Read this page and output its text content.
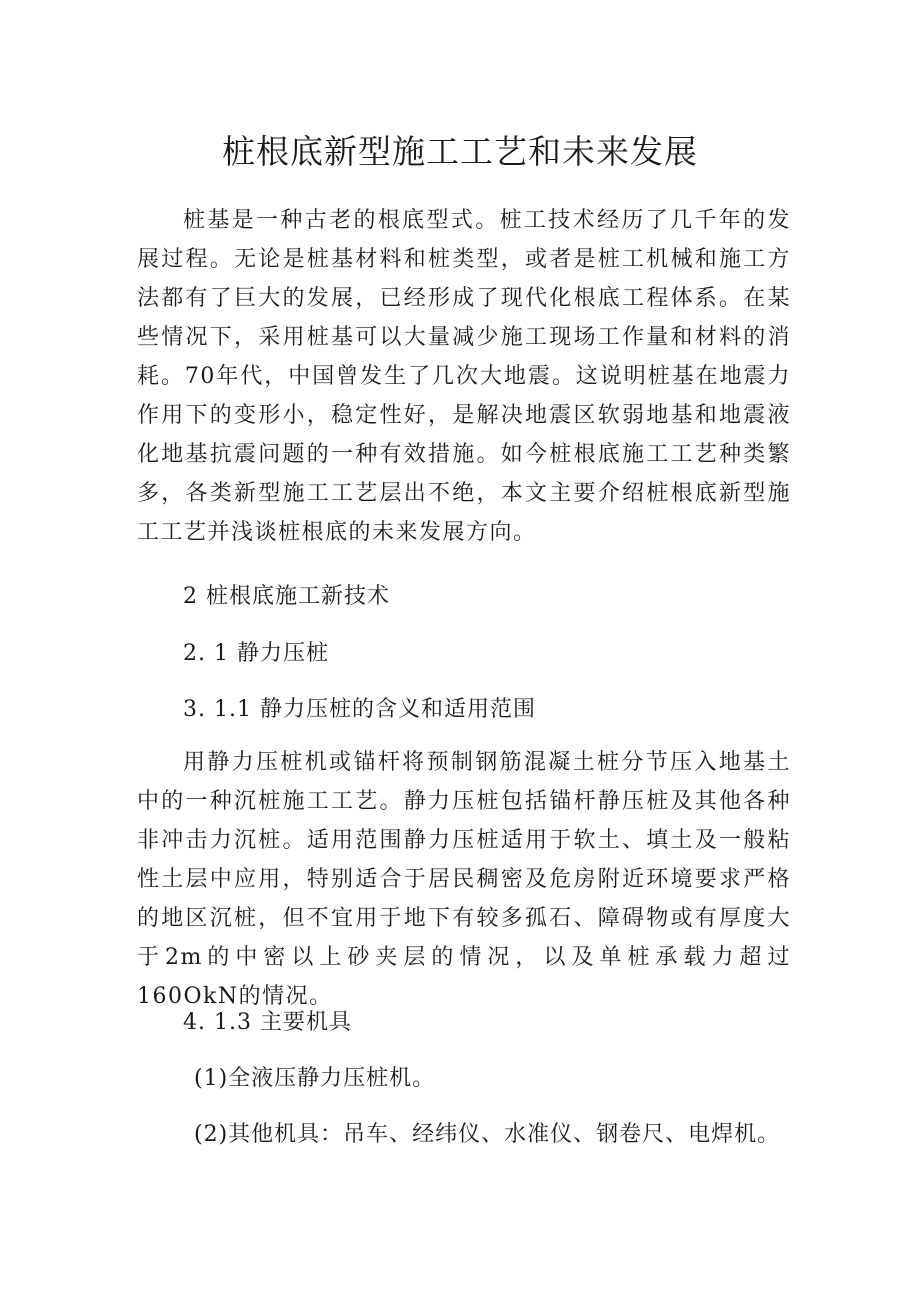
桩根底新型施工工艺和未来发展

桩基是一种古老的根底型式。桩工技术经历了几千年的发展过程。无论是桩基材料和桩类型，或者是桩工机械和施工方法都有了巨大的发展，已经形成了现代化根底工程体系。在某些情况下，采用桩基可以大量减少施工现场工作量和材料的消耗。70年代，中国曾发生了几次大地震。这说明桩基在地震力作用下的变形小，稳定性好，是解决地震区软弱地基和地震液化地基抗震问题的一种有效措施。如今桩根底施工工艺种类繁多，各类新型施工工艺层出不绝，本文主要介绍桩根底新型施工工艺并浅谈桩根底的未来发展方向。

2 桩根底施工新技术

2. 1 静力压桩

3. 1.1 静力压桩的含义和适用范围

用静力压桩机或锚杆将预制钢筋混凝土桩分节压入地基土中的一种沉桩施工工艺。静力压桩包括锚杆静压桩及其他各种非冲击力沉桩。适用范围静力压桩适用于软土、填土及一般粘性土层中应用，特别适合于居民稠密及危房附近环境要求严格的地区沉桩，但不宜用于地下有较多孤石、障碍物或有厚度大于2m的中密以上砂夹层的情况，以及单桩承载力超过160OkN的情况。

4. 1.3 主要机具

(1)全液压静力压桩机。

(2)其他机具：吊车、经纬仪、水准仪、钢卷尺、电焊机。
